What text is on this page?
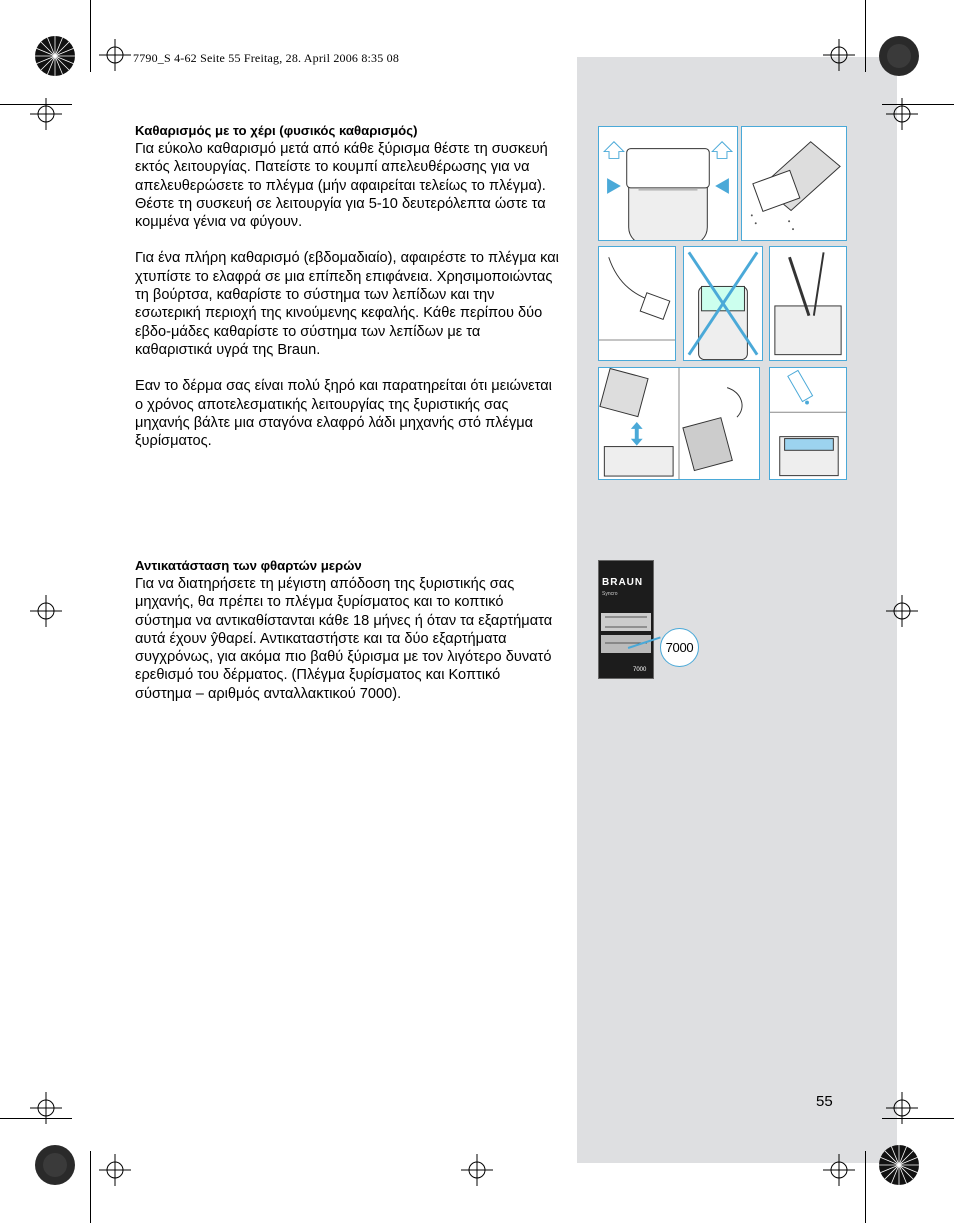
7790_S 4-62 Seite 55 Freitag, 28. April 2006 8:35 08
Καθαρισμός με το χέρι (φυσικός καθαρισμός)

Για εύκολο καθαρισμό μετά από κάθε ξύρισμα θέστε τη συσκευή εκτός λειτουργίας. Πατείστε το κουμπί απελευθέρωσης για να απελευθερώσετε το πλέγμα (μήν αφαιρείται τελείως το πλέγμα). Θέστε τη συσκευή σε λειτουργία για 5-10 δευτερόλεπτα ώστε τα κομμένα γένια να φύγουν.

Για ένα πλήρη καθαρισμό (εβδομαδιαίο), αφαιρέστε το πλέγμα και χτυπίστε το ελαφρά σε μια επίπεδη επιφάνεια. Χρησιμοποιώντας τη βούρτσα, καθαρίστε το σύστημα των λεπίδων και την εσωτερική περιοχή της κινούμενης κεφαλής. Κάθε περίπου δύο εβδο-μάδες καθαρίστε το σύστημα των λεπίδων με τα καθαριστικά υγρά της Braun.

Εαν το δέρμα σας είναι πολύ ξηρό και παρατηρείται ότι μειώνεται ο χρόνος αποτελεσματικής λειτουργίας της ξυριστικής σας μηχανής βάλτε μια σταγόνα ελαφρό λάδι μηχανής στό πλέγμα ξυρίσματος.

Αντικατάσταση των φθαρτών μερών

Για να διατηρήσετε τη μέγιστη απόδοση της ξυριστικής σας μηχανής, θα πρέπει το πλέγμα ξυρίσματος και το κοπτικό σύστημα να αντικαθίστανται κάθε 18 μήνες ή όταν τα εξαρτήματα αυτά έχουν ŷθαρεί. Αντικαταστήστε και τα δύο εξαρτήματα συγχρόνως, για ακόμα πιο βαθύ ξύρισμα με τον λιγότερο δυνατό ερεθισμό του δέρματος. (Πλέγμα ξυρίσματος και Κοπτικό σύστημα – αριθμός ανταλλακτικού 7000).

BRAUN
Syncro
7000
7000
55
